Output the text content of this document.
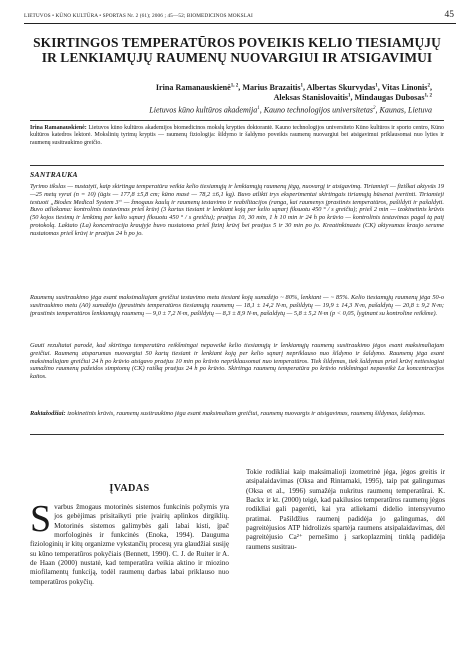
LIETUVOS • KŪNO KULTŪRA • SPORTAS Nr. 2 (61); 2006 ; 45—52; BIOMEDICINOS MOKSLAI	45
SKIRTINGOS TEMPERATŪROS POVEIKIS KELIO TIESIAMŲJŲ IR LENKIAMŲJŲ RAUMENŲ NUOVARGIUI IR ATSIGAVIMUI
Irina Ramanauskienė$^{1, 2}$, Marius Brazaitis$^1$, Albertas Skurvydas$^1$, Vitas Linonis$^2$,
Aleksas Stanislovaitis$^1$, Mindaugas Dubosas$^{1, 2}$
Lietuvos kūno kultūros akademija$^1$, Kauno technologijos universitetas$^2$, Kaunas, Lietuva
Irina Ramanauskienė: Lietuvos kūno kultūros akademijos biomedicinos mokslų krypties doktorantė. Kauno technologijos universiteto Kūno kultūros ir sporto centro, Kūno kultūros katedros lektorė. Mokslinių tyrimų kryptis — raumenų fiziologija: šildymo ir šaldymo poveikis raumenų nuovargiui bei atsigavimui priklausomai nuo lyties ir raumenų susitraukimo greičio.
SANTRAUKA

Tyrimo tikslas — nustatyti, kaip skirtinga temperatūra veikia kelio tiesiamųjų ir lenkiamųjų raumenų jėgą, nuovargį ir atsigavimą. Tiriamieji — fiziškai aktyvūs 19—25 metų vyrai (n = 10) (ūgis — 177,8 ±5,8 cm; kūno masė — 78,2 ±6,1 kg). Buvo atlikti trys eksperimentai skirtingais tiriamųjų būsenai įvertinti. Tiriamieji testuoti „Biodex Medical System 3“ — žmogaus kaulų ir raumenų testavimo ir reabilitacijos (ranga, kai raumenys įprastinės temperatūros, pašildyti ir pašaldyti. Buvo atliekama: kontrolinis testavimas prieš krūvį (3 kartus tiesiant ir lenkiant koją per kelio sąnarį fiksuotu 450 ° / s greičiu); prieš 2 min — izokinetinis krūvis (50 kojos tiesimų ir lenkimų per kelio sąnarį fiksuotu 450 ° / s greičiu); praėjus 10, 30 min, 1 h 10 min ir 24 h po krūvio — kontrolinis testavimas pagal tą patį protokolą. Laktato (La) koncentracija kraujyje buvo nustatoma prieš fizinį krūvį bei praėjus 5 ir 30 min po jo. Kreatinkinazės (CK) aktyvumas kraujo serume nustatomas prieš krūvį ir praėjus 24 h po jo.

Raumenų susitraukimo jėga esant maksimaliajam greičiui testavimo metu tiesiant koją sumažėjo ~ 80%, lenkiant — ~ 85%. Kelio tiesiamųjų raumenų jėga 50-o susitraukimo metu (A0) sumažėjo (įprastinės temperatūros tiesiamųjų raumenų — 18,1 ± 14,2 N·m, pašildytų — 19,9 ± 14,3 N·m, pašaldytų — 20,8 ± 9,2 N·m; įprastinės temperatūros lenkiamųjų raumenų — 9,0 ± 7,2 N·m, pašildytų — 8,3 ± 8,9 N·m, pašaldytų — 5,8 ± 5,2 N·m (p < 0,05, lyginant su kontroline reikšme).

Gauti rezultatai parodė, kad skirtinga temperatūra reikšmingai nepaveikė kelio tiesiamųjų ir lenkiamųjų raumenų susitraukimo jėgos esant maksimaliajam greičiui. Raumenų atsparumas nuovargiui 50 kartų tiesiant ir lenkiant koją per kelio sąnarį nepriklauso nuo šildymo ir šaldymo. Raumenų jėga esant maksimaliajam greičiui 24 h po krūvio atsigavo praėjus 10 min po krūvio nepriklausomai nuo temperatūros. Tiek šildymas, tiek šaldymas prieš krūvį netiesiogiai sumažino raumenų pažeidos simptomų (CK) raišką praėjus 24 h po krūvio. Skirtinga raumenų temperatūra po krūvio reikšmingai nepaveikė La koncentracijos kaitos.

Raktažodžiai: izokinetinis krūvis, raumenų susitraukimo jėga esant maksimaliam greičiui, raumenų nuovargis ir atsigavimas, raumenų šildymas, šaldymas.

ĮVADAS
Svarbus žmogaus motorinės sistemos funkcinis požymis yra jos gebėjimas prisitaikyti prie įvairių aplinkos dirgiklių. Motorinės sistemos galimybės gali labai kisti, įpač morfologinės ir funkcinės (Enoka, 1994). Dauguma fiziologinių ir kitų organizme vykstančių procesų yra glaudžiai susiję su kūno temperatūros pokyčiais (Bennett, 1990). C. J. de Ruiter ir A. de Haan (2000) nustatė, kad temperatūra veikia aktino ir miozino miofilamentų funkciją, todėl raumenų darbas labai priklauso nuo temperatūros pokyčių.
Tokie rodikliai kaip maksimalioji izometrinė jėga, jėgos greitis ir atsipalaidavimas (Oksa and Rintamaki, 1995), taip pat galingumas (Oksa et al., 1996) sumažėja nukritus raumenų temperatūrai. K. Backx ir kt. (2000) teigė, kad pakilusios temperatūros raumenų jėgos rodikliai gali pagerėti, kai yra atliekami didelio intensyvumo pratimai. Pašildžius raumenį padidėja jo galingumas, dėl pagreitėjusios ATP hidrolizės spartėja raumens atsipalaidavimas, dėl pagreitėjusio Ca²⁺ pernešimo į sarkoplazminį tinklą padidėja raumens susitrau-
